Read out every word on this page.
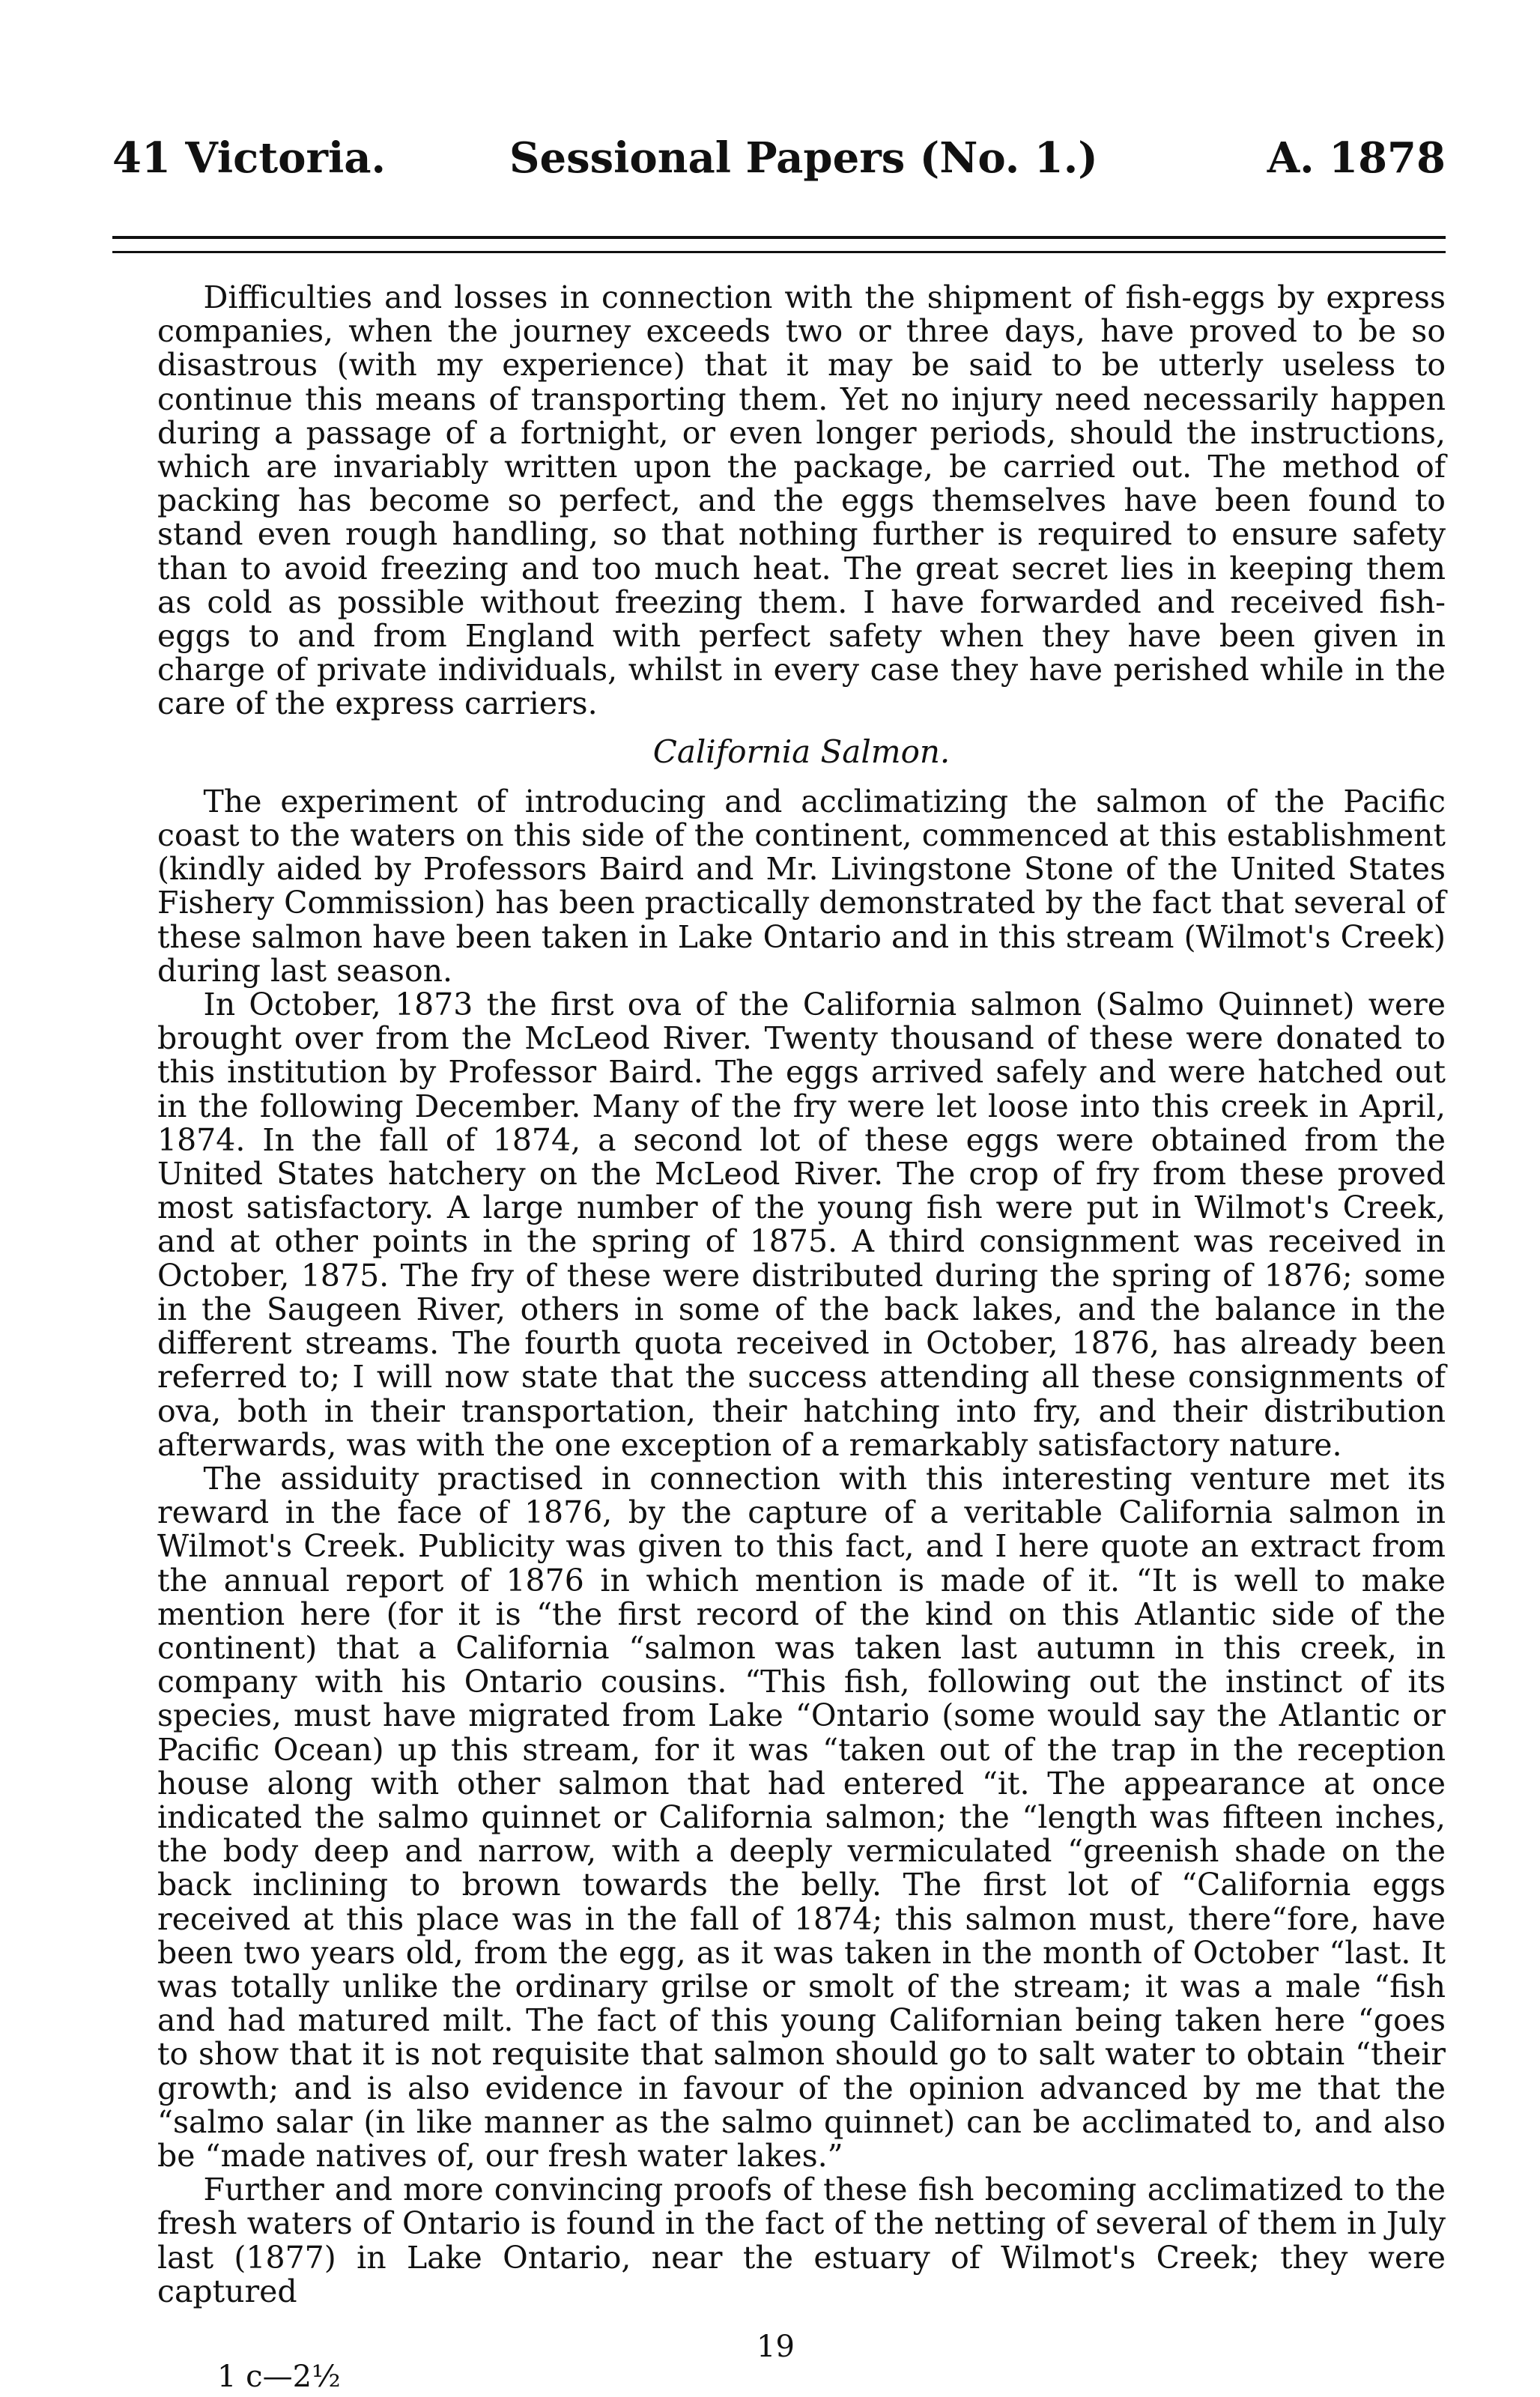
41 Victoria.	Sessional Papers (No. 1.)	A. 1878

Difficulties and losses in connection with the shipment of fish-eggs by express companies, when the journey exceeds two or three days, have proved to be so disastrous (with my experience) that it may be said to be utterly useless to continue this means of transporting them. Yet no injury need necessarily happen during a passage of a fortnight, or even longer periods, should the instructions, which are invariably written upon the package, be carried out. The method of packing has become so perfect, and the eggs themselves have been found to stand even rough handling, so that nothing further is required to ensure safety than to avoid freezing and too much heat. The great secret lies in keeping them as cold as possible without freezing them. I have forwarded and received fish-eggs to and from England with perfect safety when they have been given in charge of private individuals, whilst in every case they have perished while in the care of the express carriers.

California Salmon.

The experiment of introducing and acclimatizing the salmon of the Pacific coast to the waters on this side of the continent, commenced at this establishment (kindly aided by Professors Baird and Mr. Livingstone Stone of the United States Fishery Commission) has been practically demonstrated by the fact that several of these salmon have been taken in Lake Ontario and in this stream (Wilmot's Creek) during last season.

In October, 1873 the first ova of the California salmon (Salmo Quinnet) were brought over from the McLeod River. Twenty thousand of these were donated to this institution by Professor Baird. The eggs arrived safely and were hatched out in the following December. Many of the fry were let loose into this creek in April, 1874. In the fall of 1874, a second lot of these eggs were obtained from the United States hatchery on the McLeod River. The crop of fry from these proved most satisfactory. A large number of the young fish were put in Wilmot's Creek, and at other points in the spring of 1875. A third consignment was received in October, 1875. The fry of these were distributed during the spring of 1876; some in the Saugeen River, others in some of the back lakes, and the balance in the different streams. The fourth quota received in October, 1876, has already been referred to; I will now state that the success attending all these consignments of ova, both in their transportation, their hatching into fry, and their distribution afterwards, was with the one exception of a remarkably satisfactory nature.

The assiduity practised in connection with this interesting venture met its reward in the face of 1876, by the capture of a veritable California salmon in Wilmot's Creek. Publicity was given to this fact, and I here quote an extract from the annual report of 1876 in which mention is made of it. “It is well to make mention here (for it is “the first record of the kind on this Atlantic side of the continent) that a California “salmon was taken last autumn in this creek, in company with his Ontario cousins. “This fish, following out the instinct of its species, must have migrated from Lake “Ontario (some would say the Atlantic or Pacific Ocean) up this stream, for it was “taken out of the trap in the reception house along with other salmon that had entered “it. The appearance at once indicated the salmo quinnet or California salmon; the “length was fifteen inches, the body deep and narrow, with a deeply vermiculated “greenish shade on the back inclining to brown towards the belly. The first lot of “California eggs received at this place was in the fall of 1874; this salmon must, there“fore, have been two years old, from the egg, as it was taken in the month of October “last. It was totally unlike the ordinary grilse or smolt of the stream; it was a male “fish and had matured milt. The fact of this young Californian being taken here “goes to show that it is not requisite that salmon should go to salt water to obtain “their growth; and is also evidence in favour of the opinion advanced by me that the “salmo salar (in like manner as the salmo quinnet) can be acclimated to, and also be “made natives of, our fresh water lakes.”

Further and more convincing proofs of these fish becoming acclimatized to the fresh waters of Ontario is found in the fact of the netting of several of them in July last (1877) in Lake Ontario, near the estuary of Wilmot's Creek; they were captured

19
1 c—2½
